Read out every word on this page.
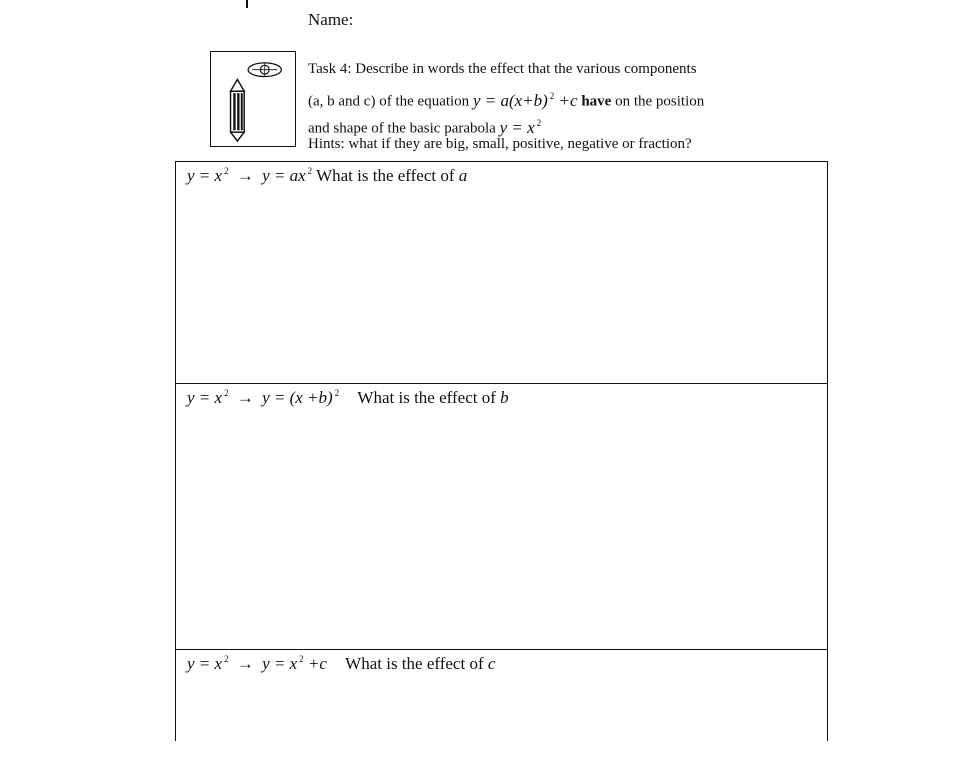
Name:
Task 4: Describe in words the effect that the various components
(a, b and c) of the equation y = a(x+b) $^2$ +c have on the position
and shape of the basic parabola y = x $^2$
Hints: what if they are big, small, positive, negative or fraction?
y = x $^2$ → y = ax $^2$ What is the effect of a
y = x $^2$ → y = (x +b) $^2$ What is the effect of b
y = x $^2$ → y = x $^2$ +c What is the effect of c
